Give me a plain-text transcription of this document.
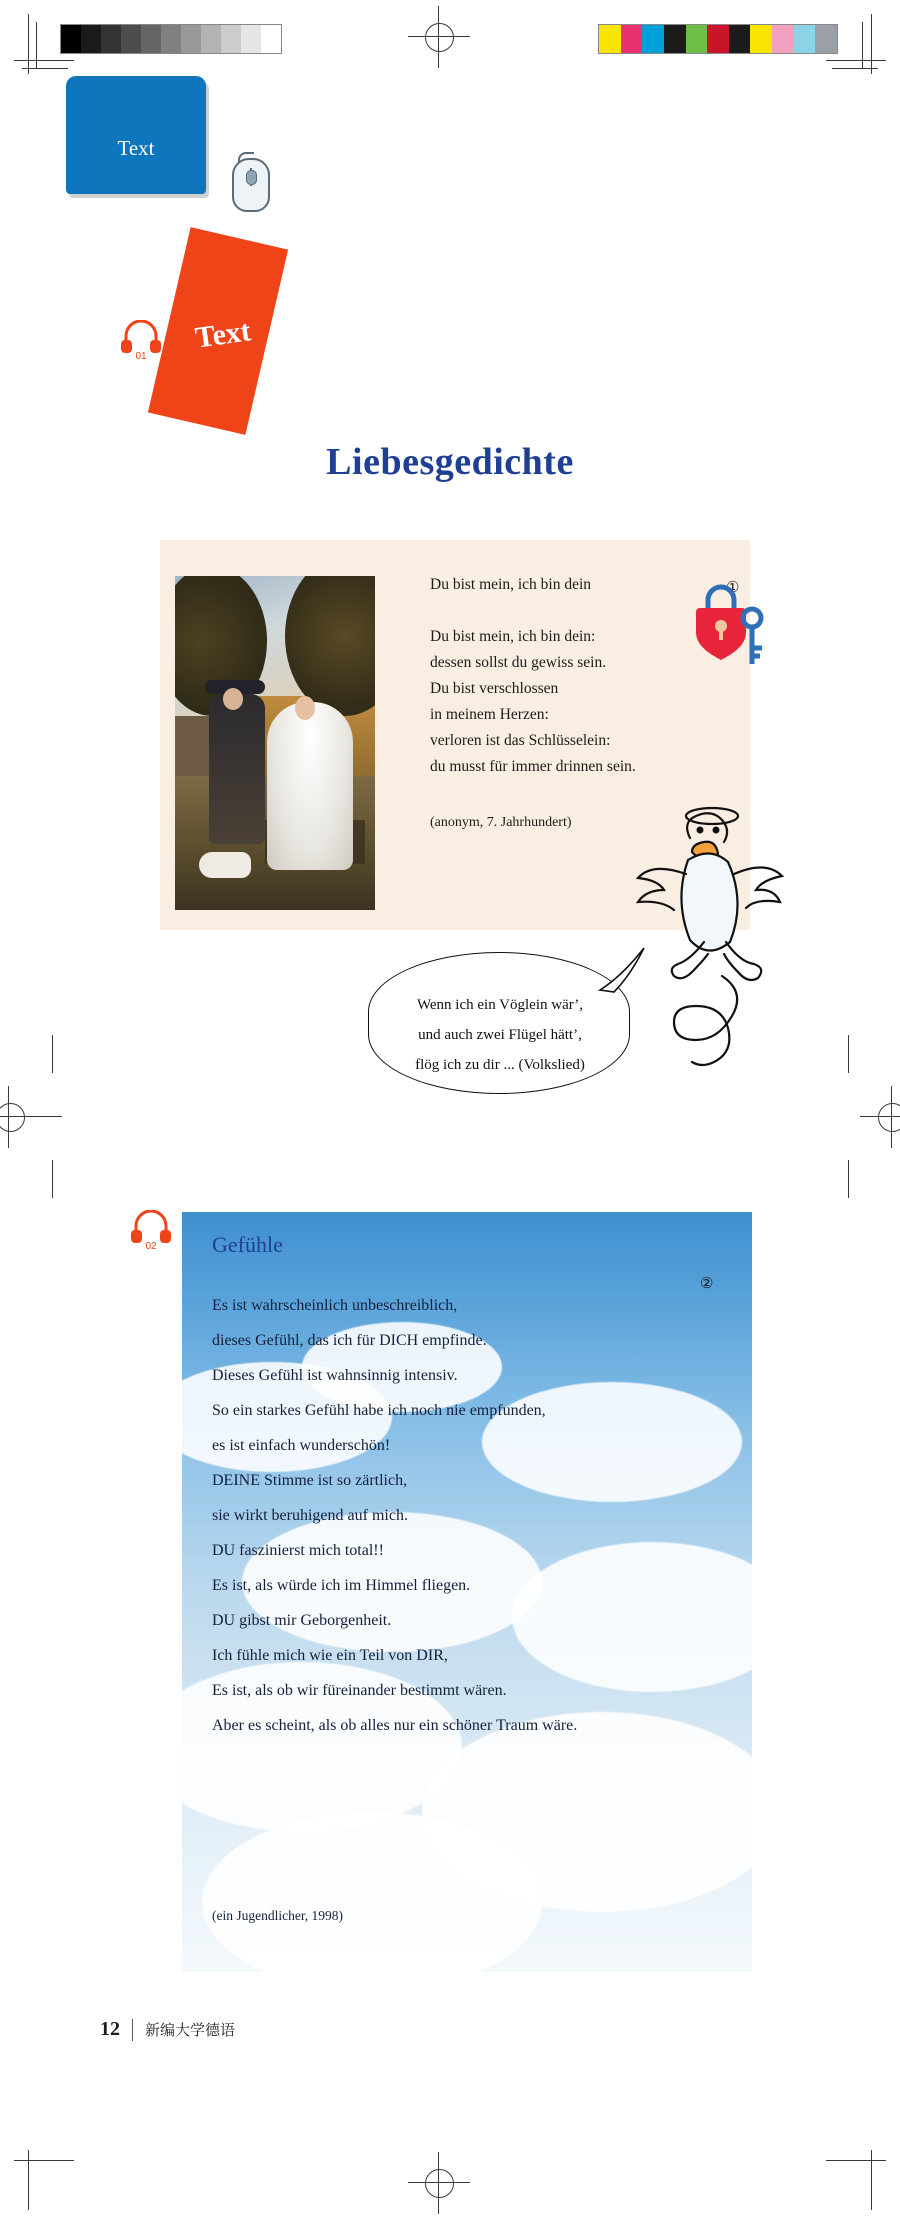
Text
Text
01
Liebesgedichte
Du bist mein, ich bin dein
Du bist mein, ich bin dein:
dessen sollst du gewiss sein.
Du bist verschlossen
in meinem Herzen:
verloren ist das Schlüsselein:
du musst für immer drinnen sein.
(anonym, 7. Jahrhundert)
①
Wenn ich ein Vöglein wär’,
und auch zwei Flügel hätt’,
flög ich zu dir ... (Volkslied)
02	Gefühle
②
Es ist wahrscheinlich unbeschreiblich,
dieses Gefühl, das ich für DICH empfinde.
Dieses Gefühl ist wahnsinnig intensiv.
So ein starkes Gefühl habe ich noch nie empfunden,
es ist einfach wunderschön!
DEINE Stimme ist so zärtlich,
sie wirkt beruhigend auf mich.
DU faszinierst mich total!!
Es ist, als würde ich im Himmel fliegen.
DU gibst mir Geborgenheit.
Ich fühle mich wie ein Teil von DIR,
Es ist, als ob wir füreinander bestimmt wären.
Aber es scheint, als ob alles nur ein schöner Traum wäre.
(ein Jugendlicher, 1998)
12 新编大学德语
